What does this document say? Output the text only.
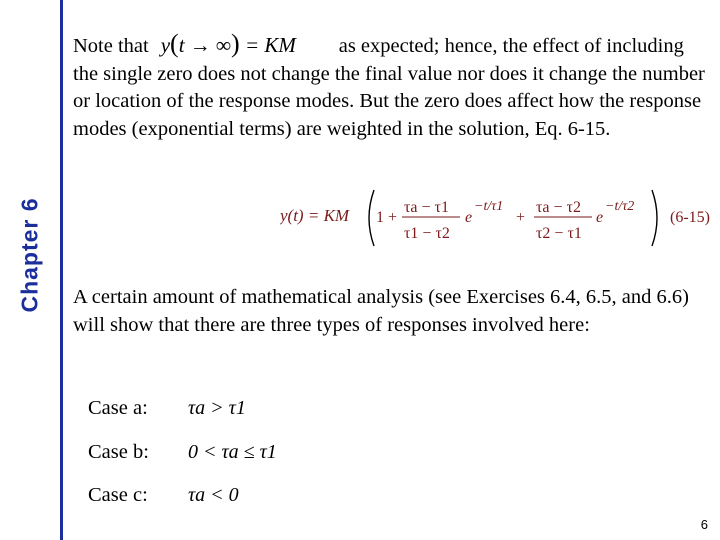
Chapter 6

Note that y(t → ∞) = KM as expected; hence, the effect of including the single zero does not change the final value nor does it change the number or location of the response modes. But the zero does affect how the response modes (exponential terms) are weighted in the solution, Eq. 6-15.

y(t) = KM 1 +
τa − τ1
τ1 − τ2
e
−t/τ1
+
τa − τ2
τ2 − τ1
e
−t/τ2
(6-15)

A certain amount of mathematical analysis (see Exercises 6.4, 6.5, and 6.6) will show that there are three types of responses involved here:

Case a: τa > τ1
Case b: 0 < τa ≤ τ1
Case c: τa < 0
6
